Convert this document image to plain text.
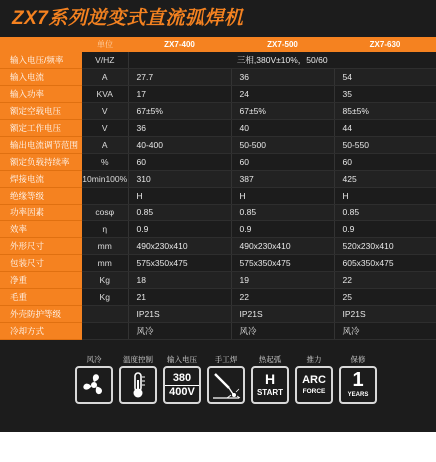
ZX7系列逆变式直流弧焊机
	单位	ZX7-400	ZX7-500	ZX7-630
输入电压/频率	V/HZ	三相,380V±10%，50/60		
输入电流	A	27.7	36	54
输入功率	KVA	17	24	35
额定空载电压	V	67±5%	67±5%	85±5%
额定工作电压	V	36	40	44
输出电流调节范围	A	40-400	50-500	50-550
额定负载持续率	%	60	60	60
焊接电流	10min100%	310	387	425
绝缘等级		H	H	H
功率因素	cosφ	0.85	0.85	0.85
效率	η	0.9	0.9	0.9
外形尺寸	mm	490x230x410	490x230x410	520x230x410
包装尺寸	mm	575x350x475	575x350x475	605x350x475
净重	Kg	18	19	22
毛重	Kg	21	22	25
外壳防护等级		IP21S	IP21S	IP21S
冷却方式		风冷	风冷	风冷
风冷	温度控制	输入电压
380
400V
手工焊	热起弧
H
START
推力
ARC
FORCE
保修
1
YEARS
